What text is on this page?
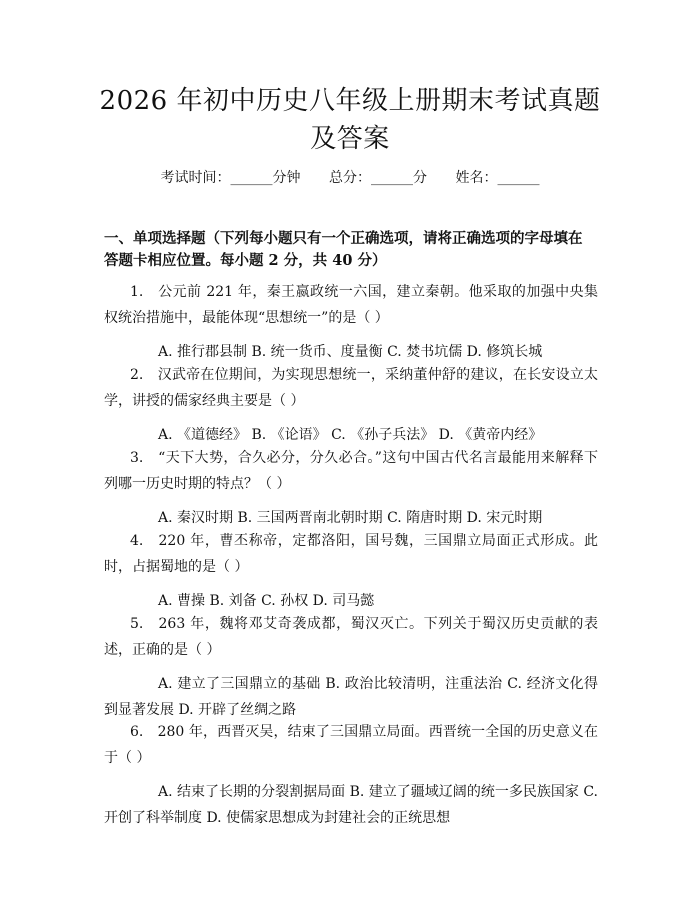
2026 年初中历史八年级上册期末考试真题及答案
考试时间：______分钟 总分：______分 姓名：______

一、单项选择题（下列每小题只有一个正确选项，请将正确选项的字母填在答题卡相应位置。每小题 2 分，共 40 分）

1.　公元前 221 年，秦王嬴政统一六国，建立秦朝。他采取的加强中央集权统治措施中，最能体现“思想统一”的是（ ）

A. 推行郡县制 B. 统一货币、度量衡 C. 焚书坑儒 D. 修筑长城

2.　汉武帝在位期间，为实现思想统一，采纳董仲舒的建议，在长安设立太学，讲授的儒家经典主要是（ ）

A. 《道德经》 B. 《论语》 C. 《孙子兵法》 D. 《黄帝内经》

3.　“天下大势，合久必分，分久必合。”这句中国古代名言最能用来解释下列哪一历史时期的特点？（ ）

A. 秦汉时期 B. 三国两晋南北朝时期 C. 隋唐时期 D. 宋元时期

4.　220 年，曹丕称帝，定都洛阳，国号魏，三国鼎立局面正式形成。此时，占据蜀地的是（ ）

A. 曹操 B. 刘备 C. 孙权 D. 司马懿

5.　263 年，魏将邓艾奇袭成都，蜀汉灭亡。下列关于蜀汉历史贡献的表述，正确的是（ ）

A. 建立了三国鼎立的基础 B. 政治比较清明，注重法治 C. 经济文化得到显著发展 D. 开辟了丝绸之路

6.　280 年，西晋灭吴，结束了三国鼎立局面。西晋统一全国的历史意义在于（ ）

A. 结束了长期的分裂割据局面 B. 建立了疆域辽阔的统一多民族国家 C. 开创了科举制度 D. 使儒家思想成为封建社会的正统思想
